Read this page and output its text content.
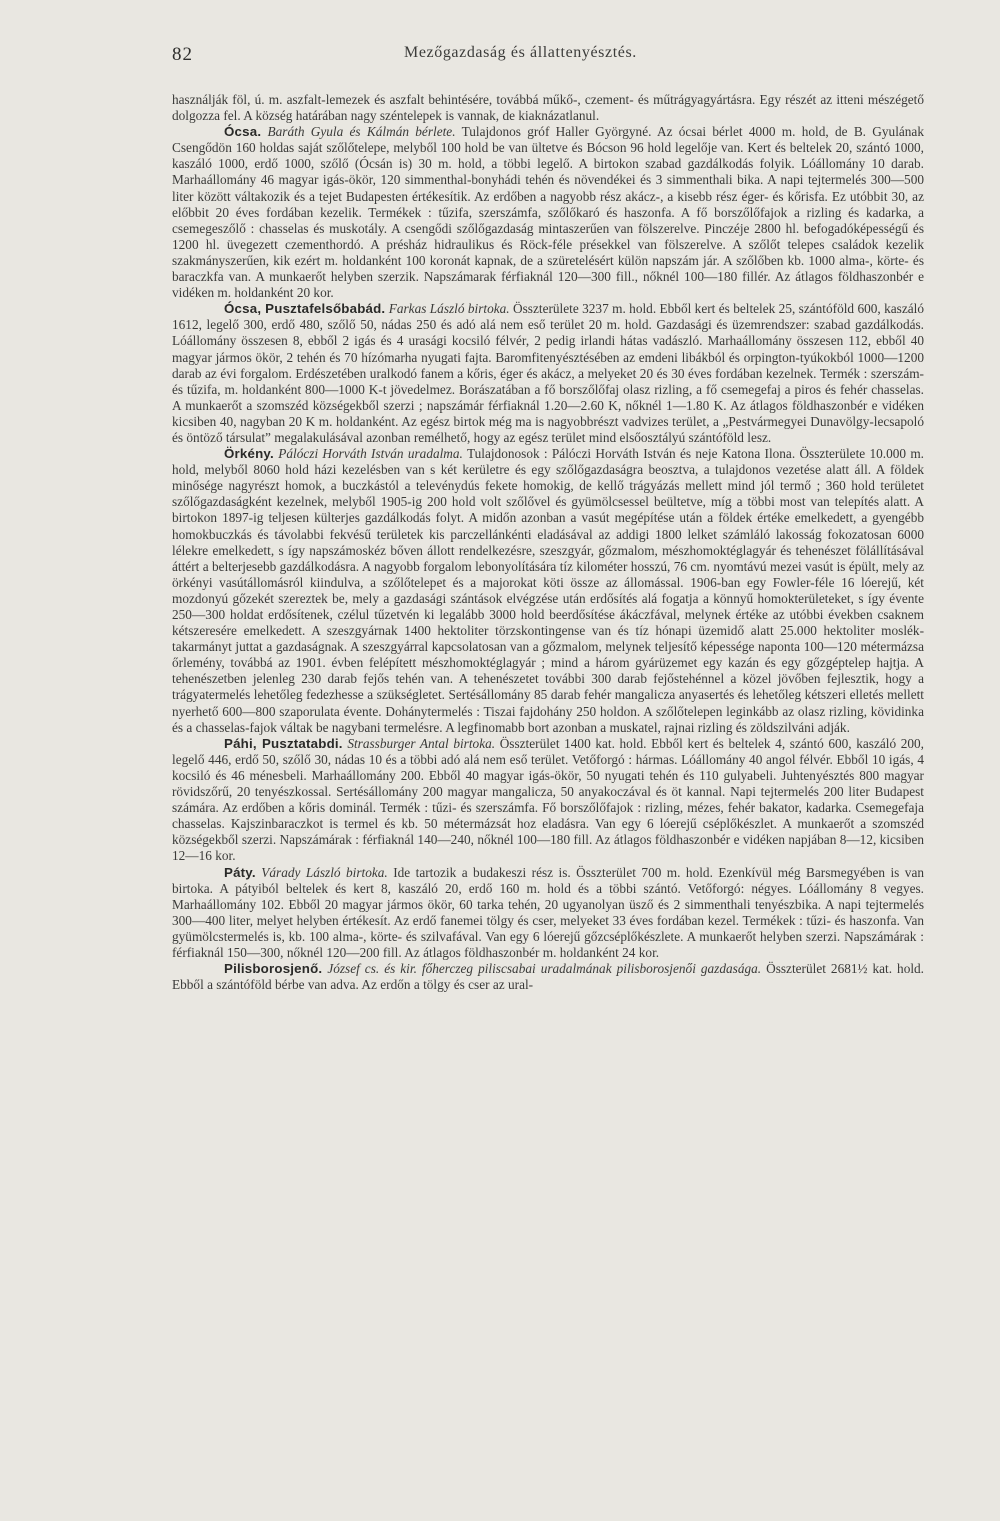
82	Mezőgazdaság és állattenyésztés.

használják föl, ú. m. aszfalt-lemezek és aszfalt behintésére, továbbá műkő-, czement- és műtrágyagyártásra. Egy részét az itteni mészégető dolgozza fel. A község határában nagy széntelepek is vannak, de kiaknázatlanul.

Ócsa. Baráth Gyula és Kálmán bérlete. Tulajdonos gróf Haller Györgyné. Az ócsai bérlet 4000 m. hold, de B. Gyulának Csengődön 160 holdas saját szőlőtelepe, melyből 100 hold be van ültetve és Bócson 96 hold legelője van. Kert és beltelek 20, szántó 1000, kaszáló 1000, erdő 1000, szőlő (Ócsán is) 30 m. hold, a többi legelő. A birtokon szabad gazdálkodás folyik. Lóállomány 10 darab. Marhaállomány 46 magyar igás-ökör, 120 simmenthal-bonyhádi tehén és növendékei és 3 simmenthali bika. A napi tejtermelés 300—500 liter között váltakozik és a tejet Budapesten értékesítik. Az erdőben a nagyobb rész akácz-, a kisebb rész éger- és kőrisfa. Ez utóbbit 30, az előbbit 20 éves fordában kezelik. Termékek : tűzifa, szerszámfa, szőlőkaró és haszonfa. A fő borszőlőfajok a rizling és kadarka, a csemegeszőlő : chasselas és muskotály. A csengődi szőlőgazdaság mintaszerűen van fölszerelve. Pinczéje 2800 hl. befogadóképességű és 1200 hl. üvegezett czementhordó. A présház hidraulikus és Röck-féle présekkel van fölszerelve. A szőlőt telepes családok kezelik szakmányszerűen, kik ezért m. holdanként 100 koronát kapnak, de a szüretelésért külön napszám jár. A szőlőben kb. 1000 alma-, körte- és baraczkfa van. A munkaerőt helyben szerzik. Napszámarak férfiaknál 120—300 fill., nőknél 100—180 fillér. Az átlagos földhaszonbér e vidéken m. holdanként 20 kor.

Ócsa, Pusztafelsőbabád. Farkas László birtoka. Összterülete 3237 m. hold. Ebből kert és beltelek 25, szántóföld 600, kaszáló 1612, legelő 300, erdő 480, szőlő 50, nádas 250 és adó alá nem eső terület 20 m. hold. Gazdasági és üzemrendszer: szabad gazdálkodás. Lóállomány összesen 8, ebből 2 igás és 4 urasági kocsiló félvér, 2 pedig irlandi hátas vadászló. Marhaállomány összesen 112, ebből 40 magyar jármos ökör, 2 tehén és 70 hízómarha nyugati fajta. Baromfitenyésztésében az emdeni libákból és orpington-tyúkokból 1000—1200 darab az évi forgalom. Erdészetében uralkodó fanem a kőris, éger és akácz, a melyeket 20 és 30 éves fordában kezelnek. Termék : szerszám- és tűzifa, m. holdanként 800—1000 K-t jövedelmez. Borászatában a fő borszőlőfaj olasz rizling, a fő csemegefaj a piros és fehér chasselas. A munkaerőt a szomszéd községekből szerzi ; napszámár férfiaknál 1.20—2.60 K, nőknél 1—1.80 K. Az átlagos földhaszonbér e vidéken kicsiben 40, nagyban 20 K m. holdanként. Az egész birtok még ma is nagyobbrészt vadvizes terület, a „Pestvármegyei Dunavölgy-lecsapoló és öntöző társulat” megalakulásával azonban remélhető, hogy az egész terület mind elsőosztályú szántóföld lesz.

Örkény. Pálóczi Horváth István uradalma. Tulajdonosok : Pálóczi Horváth István és neje Katona Ilona. Összterülete 10.000 m. hold, melyből 8060 hold házi kezelésben van s két kerületre és egy szőlőgazdaságra beosztva, a tulajdonos vezetése alatt áll. A földek minősége nagyrészt homok, a buczkástól a televénydús fekete homokig, de kellő trágyázás mellett mind jól termő ; 360 hold területet szőlőgazdaságként kezelnek, melyből 1905-ig 200 hold volt szőlővel és gyümölcsessel beültetve, míg a többi most van telepítés alatt. A birtokon 1897-ig teljesen külterjes gazdálkodás folyt. A midőn azonban a vasút megépítése után a földek értéke emelkedett, a gyengébb homokbuczkás és távolabbi fekvésű területek kis parczellánkénti eladásával az addigi 1800 lelket számláló lakosság fokozatosan 6000 lélekre emelkedett, s így napszámoskéz bőven állott rendelkezésre, szeszgyár, gőzmalom, mészhomoktéglagyár és tehenészet fölállításával áttért a belterjesebb gazdálkodásra. A nagyobb forgalom lebonyolítására tíz kilométer hosszú, 76 cm. nyomtávú mezei vasút is épült, mely az örkényi vasútállomásról kiindulva, a szőlőtelepet és a majorokat köti össze az állomással. 1906-ban egy Fowler-féle 16 lóerejű, két mozdonyú gőzekét szereztek be, mely a gazdasági szántások elvégzése után erdősítés alá fogatja a könnyű homokterületeket, s így évente 250—300 holdat erdősítenek, czélul tűzetvén ki legalább 3000 hold beerdősítése ákáczfával, melynek értéke az utóbbi években csaknem kétszeresére emelkedett. A szeszgyárnak 1400 hektoliter törzskontingense van és tíz hónapi üzemidő alatt 25.000 hektoliter moslék-takarmányt juttat a gazdaságnak. A szeszgyárral kapcsolatosan van a gőzmalom, melynek teljesítő képessége naponta 100—120 métermázsa őrlemény, továbbá az 1901. évben felépített mészhomoktéglagyár ; mind a három gyárüzemet egy kazán és egy gőzgéptelep hajtja. A tehenészetben jelenleg 230 darab fejős tehén van. A tehenészetet további 300 darab fejőstehénnel a közel jövőben fejlesztik, hogy a trágyatermelés lehetőleg fedezhesse a szükségletet. Sertésállomány 85 darab fehér mangalicza anyasertés és lehetőleg kétszeri elletés mellett nyerhető 600—800 szaporulata évente. Dohánytermelés : Tiszai fajdohány 250 holdon. A szőlőtelepen leginkább az olasz rizling, kövidinka és a chasselas-fajok váltak be nagybani termelésre. A legfinomabb bort azonban a muskatel, rajnai rizling és zöldszilváni adják.

Páhi, Pusztatabdi. Strassburger Antal birtoka. Összterület 1400 kat. hold. Ebből kert és beltelek 4, szántó 600, kaszáló 200, legelő 446, erdő 50, szőlő 30, nádas 10 és a többi adó alá nem eső terület. Vetőforgó : hármas. Lóállomány 40 angol félvér. Ebből 10 igás, 4 kocsiló és 46 ménesbeli. Marhaállomány 200. Ebből 40 magyar igás-ökör, 50 nyugati tehén és 110 gulyabeli. Juhtenyésztés 800 magyar rövidszőrű, 20 tenyészkossal. Sertésállomány 200 magyar mangalicza, 50 anyakoczával és öt kannal. Napi tejtermelés 200 liter Budapest számára. Az erdőben a kőris dominál. Termék : tűzi- és szerszámfa. Fő borszőlőfajok : rizling, mézes, fehér bakator, kadarka. Csemegefaja chasselas. Kajszinbaraczkot is termel és kb. 50 métermázsát hoz eladásra. Van egy 6 lóerejű cséplőkészlet. A munkaerőt a szomszéd községekből szerzi. Napszámárak : férfiaknál 140—240, nőknél 100—180 fill. Az átlagos földhaszonbér e vidéken napjában 8—12, kicsiben 12—16 kor.

Páty. Várady László birtoka. Ide tartozik a budakeszi rész is. Összterület 700 m. hold. Ezenkívül még Barsmegyében is van birtoka. A pátyiból beltelek és kert 8, kaszáló 20, erdő 160 m. hold és a többi szántó. Vetőforgó: négyes. Lóállomány 8 vegyes. Marhaállomány 102. Ebből 20 magyar jármos ökör, 60 tarka tehén, 20 ugyanolyan üsző és 2 simmenthali tenyészbika. A napi tejtermelés 300—400 liter, melyet helyben értékesít. Az erdő fanemei tölgy és cser, melyeket 33 éves fordában kezel. Termékek : tűzi- és haszonfa. Van gyümölcstermelés is, kb. 100 alma-, körte- és szilvafával. Van egy 6 lóerejű gőzcséplőkészlete. A munkaerőt helyben szerzi. Napszámárak : férfiaknál 150—300, nőknél 120—200 fill. Az átlagos földhaszonbér m. holdanként 24 kor.

Pilisborosjenő. József cs. és kir. főherczeg piliscsabai uradalmának pilisborosjenői gazdasága. Összterület 2681½ kat. hold. Ebből a szántóföld bérbe van adva. Az erdőn a tölgy és cser az ural-
